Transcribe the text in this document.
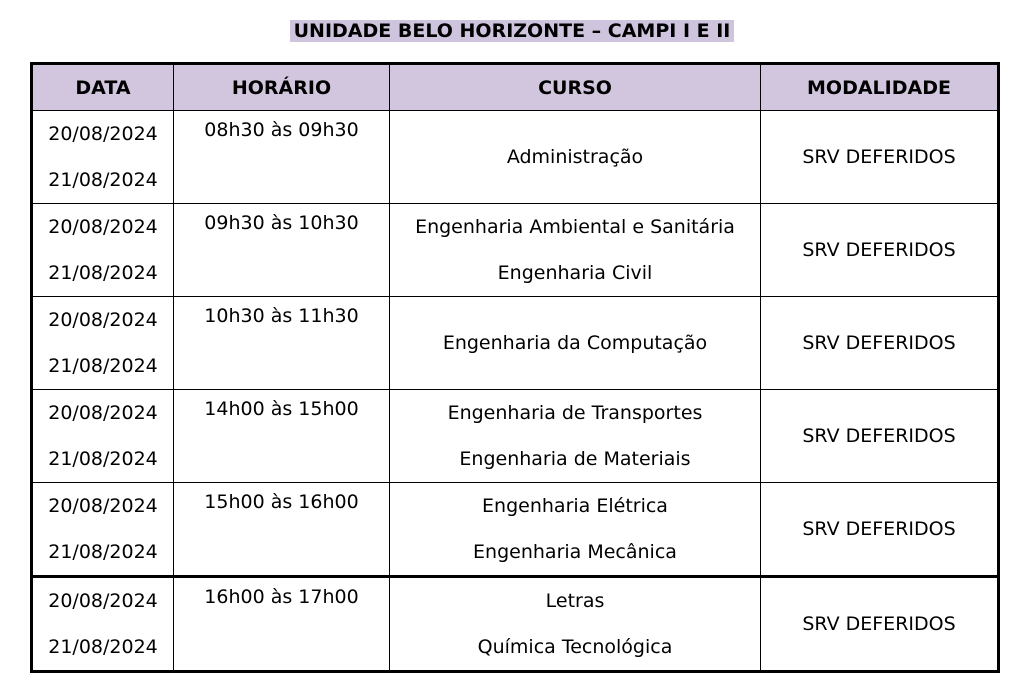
UNIDADE BELO HORIZONTE – CAMPI I E II
DATA	HORÁRIO	CURSO	MODALIDADE

20/08/2024
21/08/2024	08h30 às 09h30	Administração	SRV DEFERIDOS

20/08/2024
21/08/2024	09h30 às 10h30	Engenharia Ambiental e Sanitária
Engenharia Civil	SRV DEFERIDOS

20/08/2024
21/08/2024	10h30 às 11h30	Engenharia da Computação	SRV DEFERIDOS

20/08/2024
21/08/2024	14h00 às 15h00	Engenharia de Transportes
Engenharia de Materiais	SRV DEFERIDOS

20/08/2024
21/08/2024	15h00 às 16h00	Engenharia Elétrica
Engenharia Mecânica	SRV DEFERIDOS

20/08/2024
21/08/2024	16h00 às 17h00	Letras
Química Tecnológica	SRV DEFERIDOS
